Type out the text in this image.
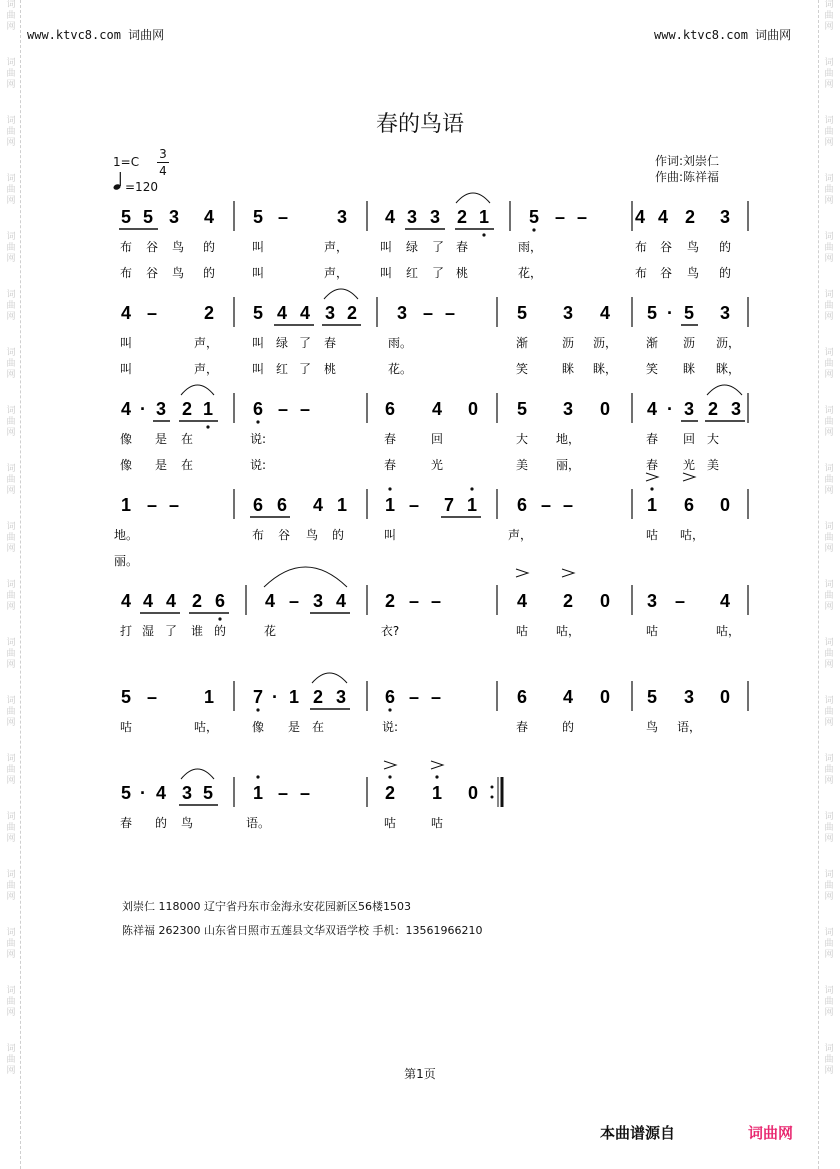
词
曲
网
词
曲
网
词
曲
网
词
曲
网
词
曲
网
词
曲
网
词
曲
网
词
曲
网
词
曲
网
词
曲
网
词
曲
网
词
曲
网
词
曲
网
词
曲
网
词
曲
网
词
曲
网
词
曲
网
词
曲
网
词
曲
网
词
曲
网
词
曲
网
词
曲
网
词
曲
网
词
曲
网
词
曲
网
词
曲
网
词
曲
网
词
曲
网
词
曲
网
词
曲
网
词
曲
网
词
曲
网
词
曲
网
词
曲
网
词
曲
网
词
曲
网
词
曲
网
词
曲
网
www.ktvc8.com 词曲网	www.ktvc8.com 词曲网
春的鸟语
1=C
3
4
=120
作词:刘崇仁
作曲:陈祥福
5 5 3 4 5 –	3 4 3 3 2 1 5 – –	4 4 2 3
布 谷 鸟 的	叫	声，	叫 绿 了 春	雨，	布 谷 鸟 的
布 谷 鸟 的	叫	声，	叫 红 了 桃	花，	布 谷 鸟 的
4 –	2 5 4 4 3 2 3 – –	5 3 4 5 · 5 3
叫	声，	叫 绿 了 春	雨。	渐	沥 沥， 渐 沥 沥，
叫	声，	叫 红 了 桃	花。	笑	眯 眯， 笑 眯 眯，
4 · 3 2 1 6 – –	6 4 0 5 3 0 4 · 3 2 3
像 是 在	说:	春	回	大 地，	春 回 大
像 是 在	说:	春	光	美 丽，	春 光 美
1 – –	6 6 4 1 1 – 7 1 6 – –	1 6 0
地。	布 谷 鸟 的	叫	声，	咕 咕，
丽。
4 4 4 2 6 4 – 3 4 2 – –	4 2 0 3 – 4
打 湿 了 谁 的	花	衣?	咕 咕，	咕	咕，
5 –	1 7 · 1 2 3 6 – –	6 4 0 5 3 0
咕	咕，	像 是 在	说:	春	的	鸟 语，
5 · 4 3 5 1 – –	2 1 0
春 的 鸟	语。	咕	咕
刘崇仁 118000 辽宁省丹东市金海永安花园新区56楼1503
陈祥福 262300 山东省日照市五莲县文华双语学校 手机：13561966210
第1页
本曲谱源自	词曲网
